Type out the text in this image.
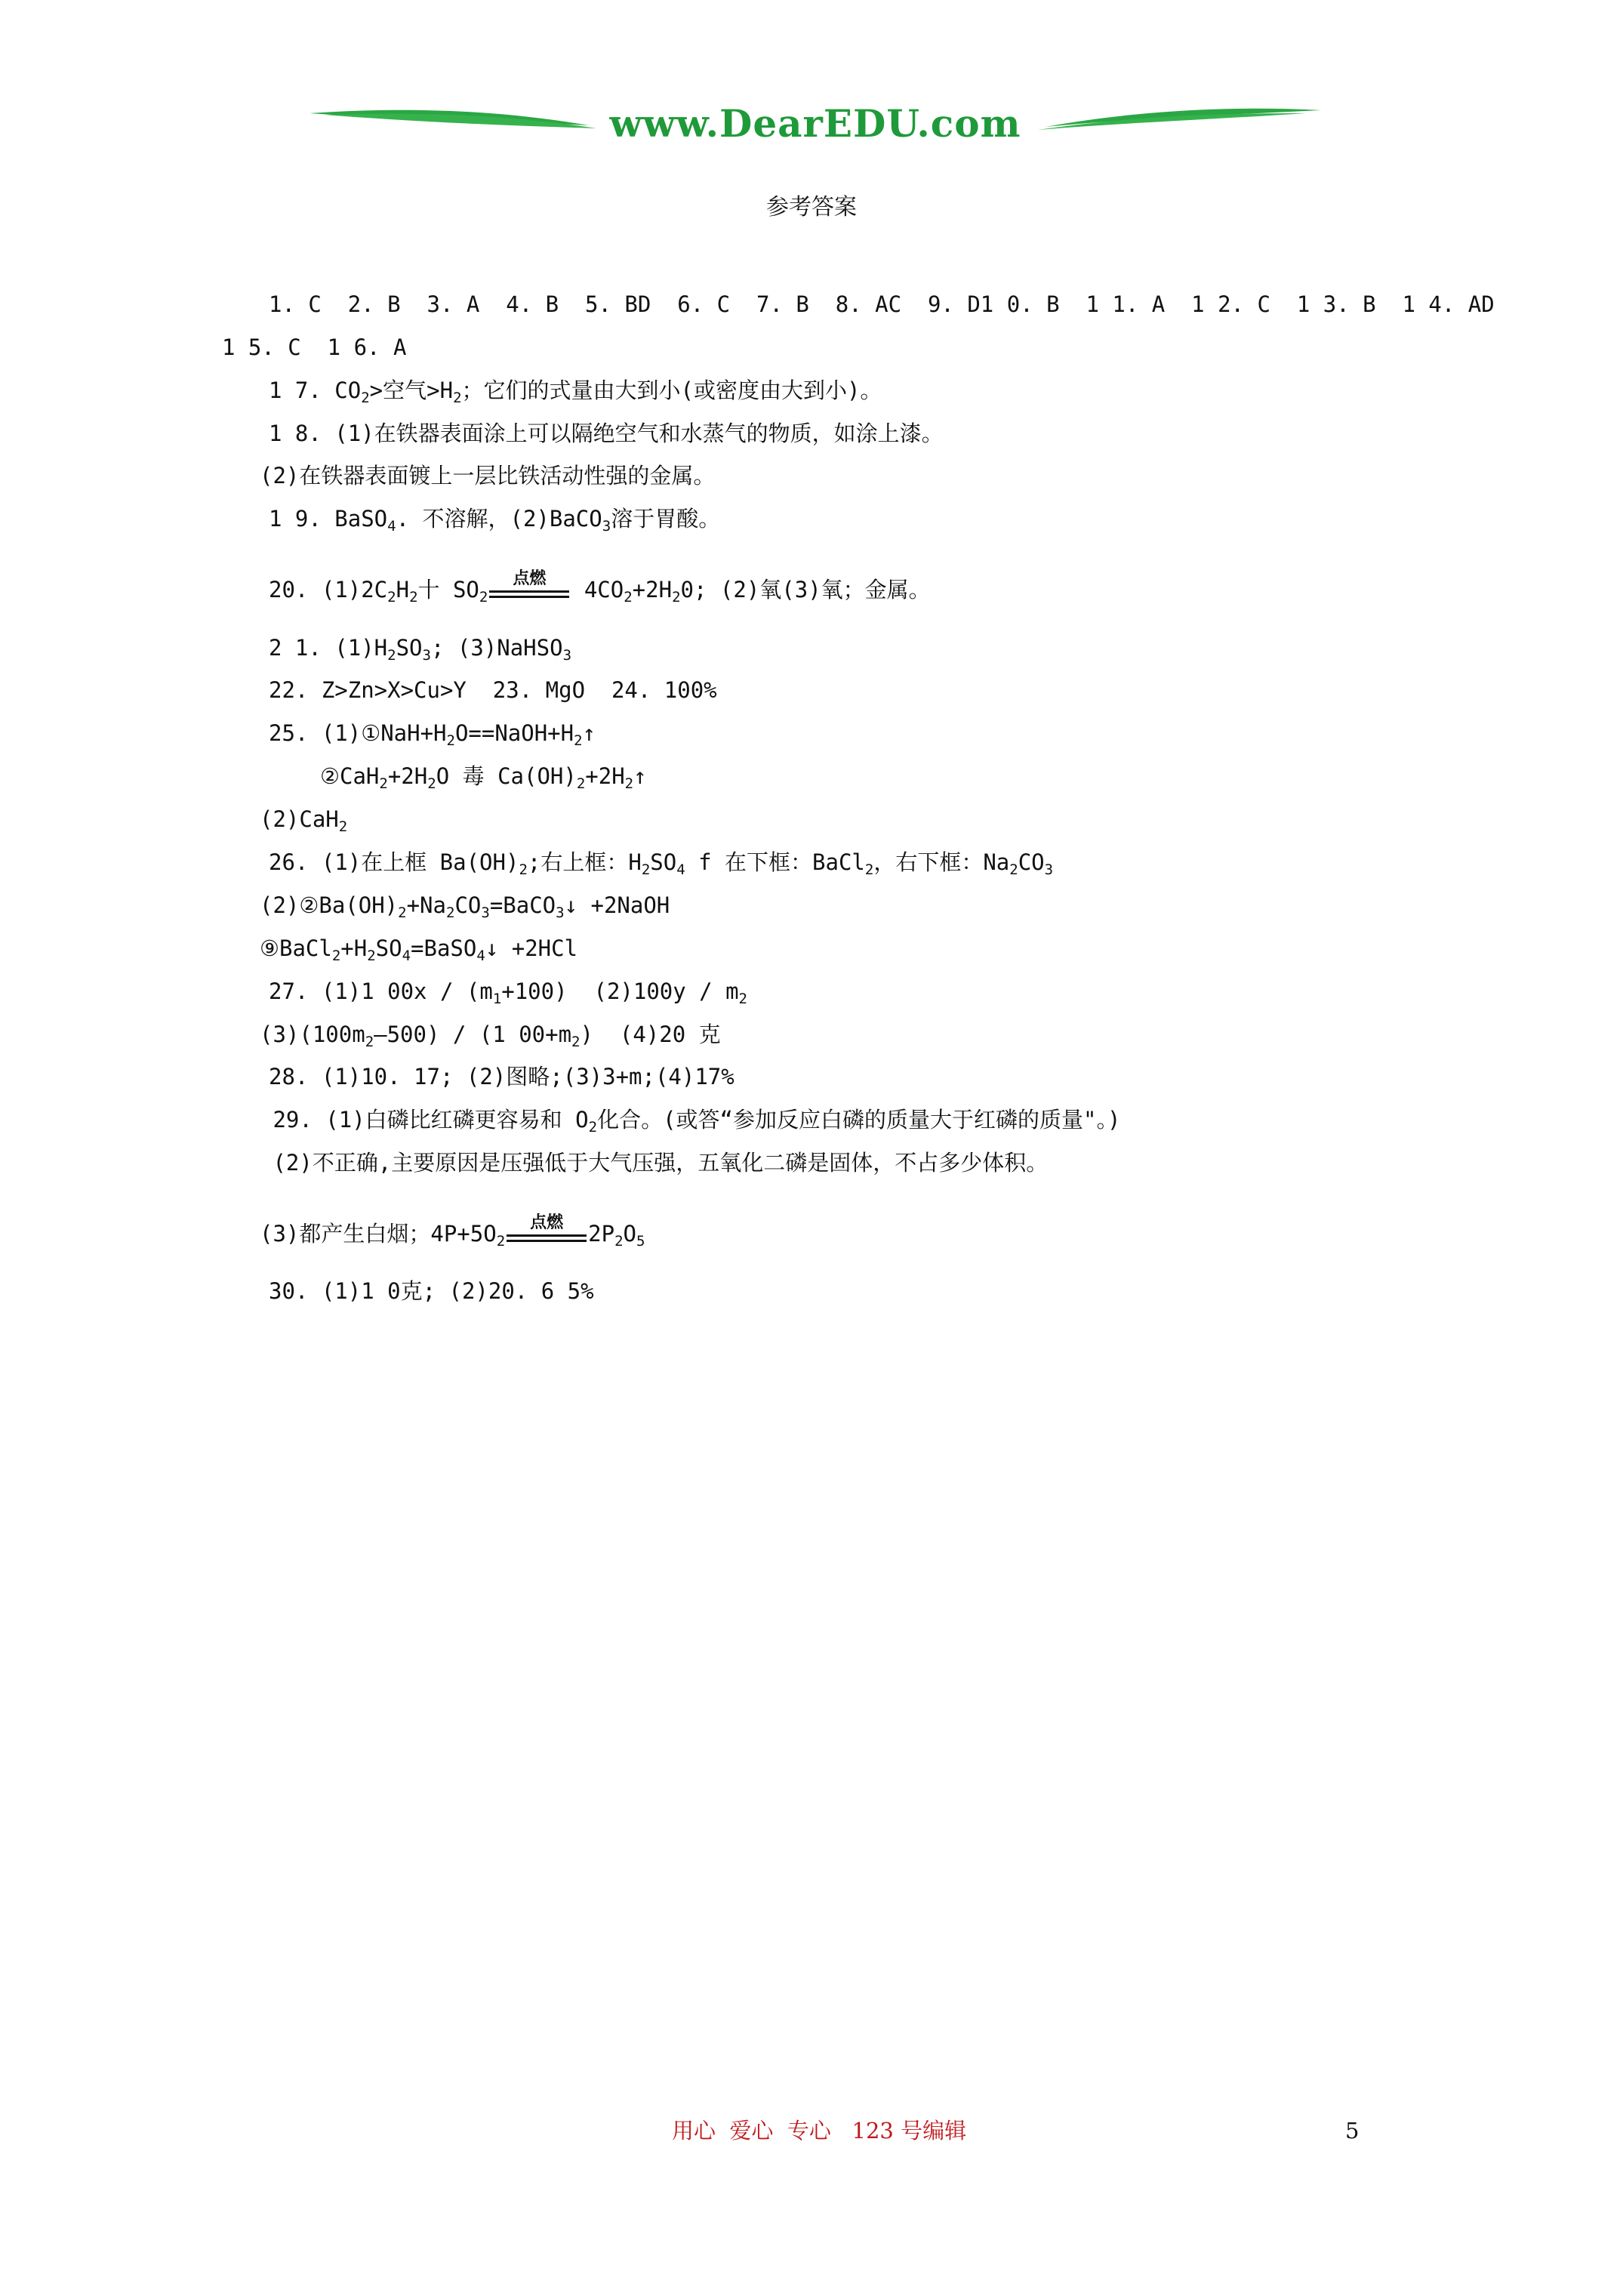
www.DearEDU.com
参考答案
1. C  2. B  3. A  4. B  5. BD  6. C  7. B  8. AC  9. D1 0. B  1 1. A  1 2. C  1 3. B  1 4. AD
1 5. C  1 6. A
1 7. $CO_2>$空气$>H_2$；它们的式量由大到小(或密度由大到小)。
1 8. (1)在铁器表面涂上可以隔绝空气和水蒸气的物质，如涂上漆。
(2)在铁器表面镀上一层比铁活动性强的金属。
1 9. BaSO$_4$. 不溶解，(2)BaCO$_3$溶于胃酸。
20. $(1)2C_2H_2$十 $SO_2$
点燃	$4CO_2+2H_20$; (2)氧(3)氧；金属。
2 1. $(1)H_2SO_3$; (3)NaHSO$_3$
22. Z>Zn>X>Cu>Y  23. MgO  24. 100%
25. $(1)①NaH+H_2O==NaOH+H_2↑$
$②CaH_2+2H_2O$ 毒 $Ca(OH)_2+2H_2↑$
(2)CaH$_2$
26. (1)在上框 $Ba(OH)_2$;右上框：$H_2SO_4$ f 在下框：BaCl$_2$，右下框：$Na_2CO_3$
$(2)②Ba(OH)_2+Na_2CO_3=BaCO_3↓$ +2NaOH
$⑨BaCl_2+H_2SO_4=BaSO_4↓ +2HCl$
27. (1)1 $00x / (m_1+100)$  $(2)100y / m_2$
$(3)(100m_2—500) / (1$ $00+m_2$)  (4)20 克
28. (1)10. 17; (2)图略;(3)3+m;(4)17%
29. (1)白磷比红磷更容易和 $O_2$化合。(或答“参加反应白磷的质量大于红磷的质量"。)
(2)不正确,主要原因是压强低于大气压强，五氧化二磷是固体，不占多少体积。
(3)都产生白烟；$4P+5O_2$
点燃	$2P_2O_5$
30. (1)1 0克; (2)20. 6 5%
用心  爱心  专心   123 号编辑	5
